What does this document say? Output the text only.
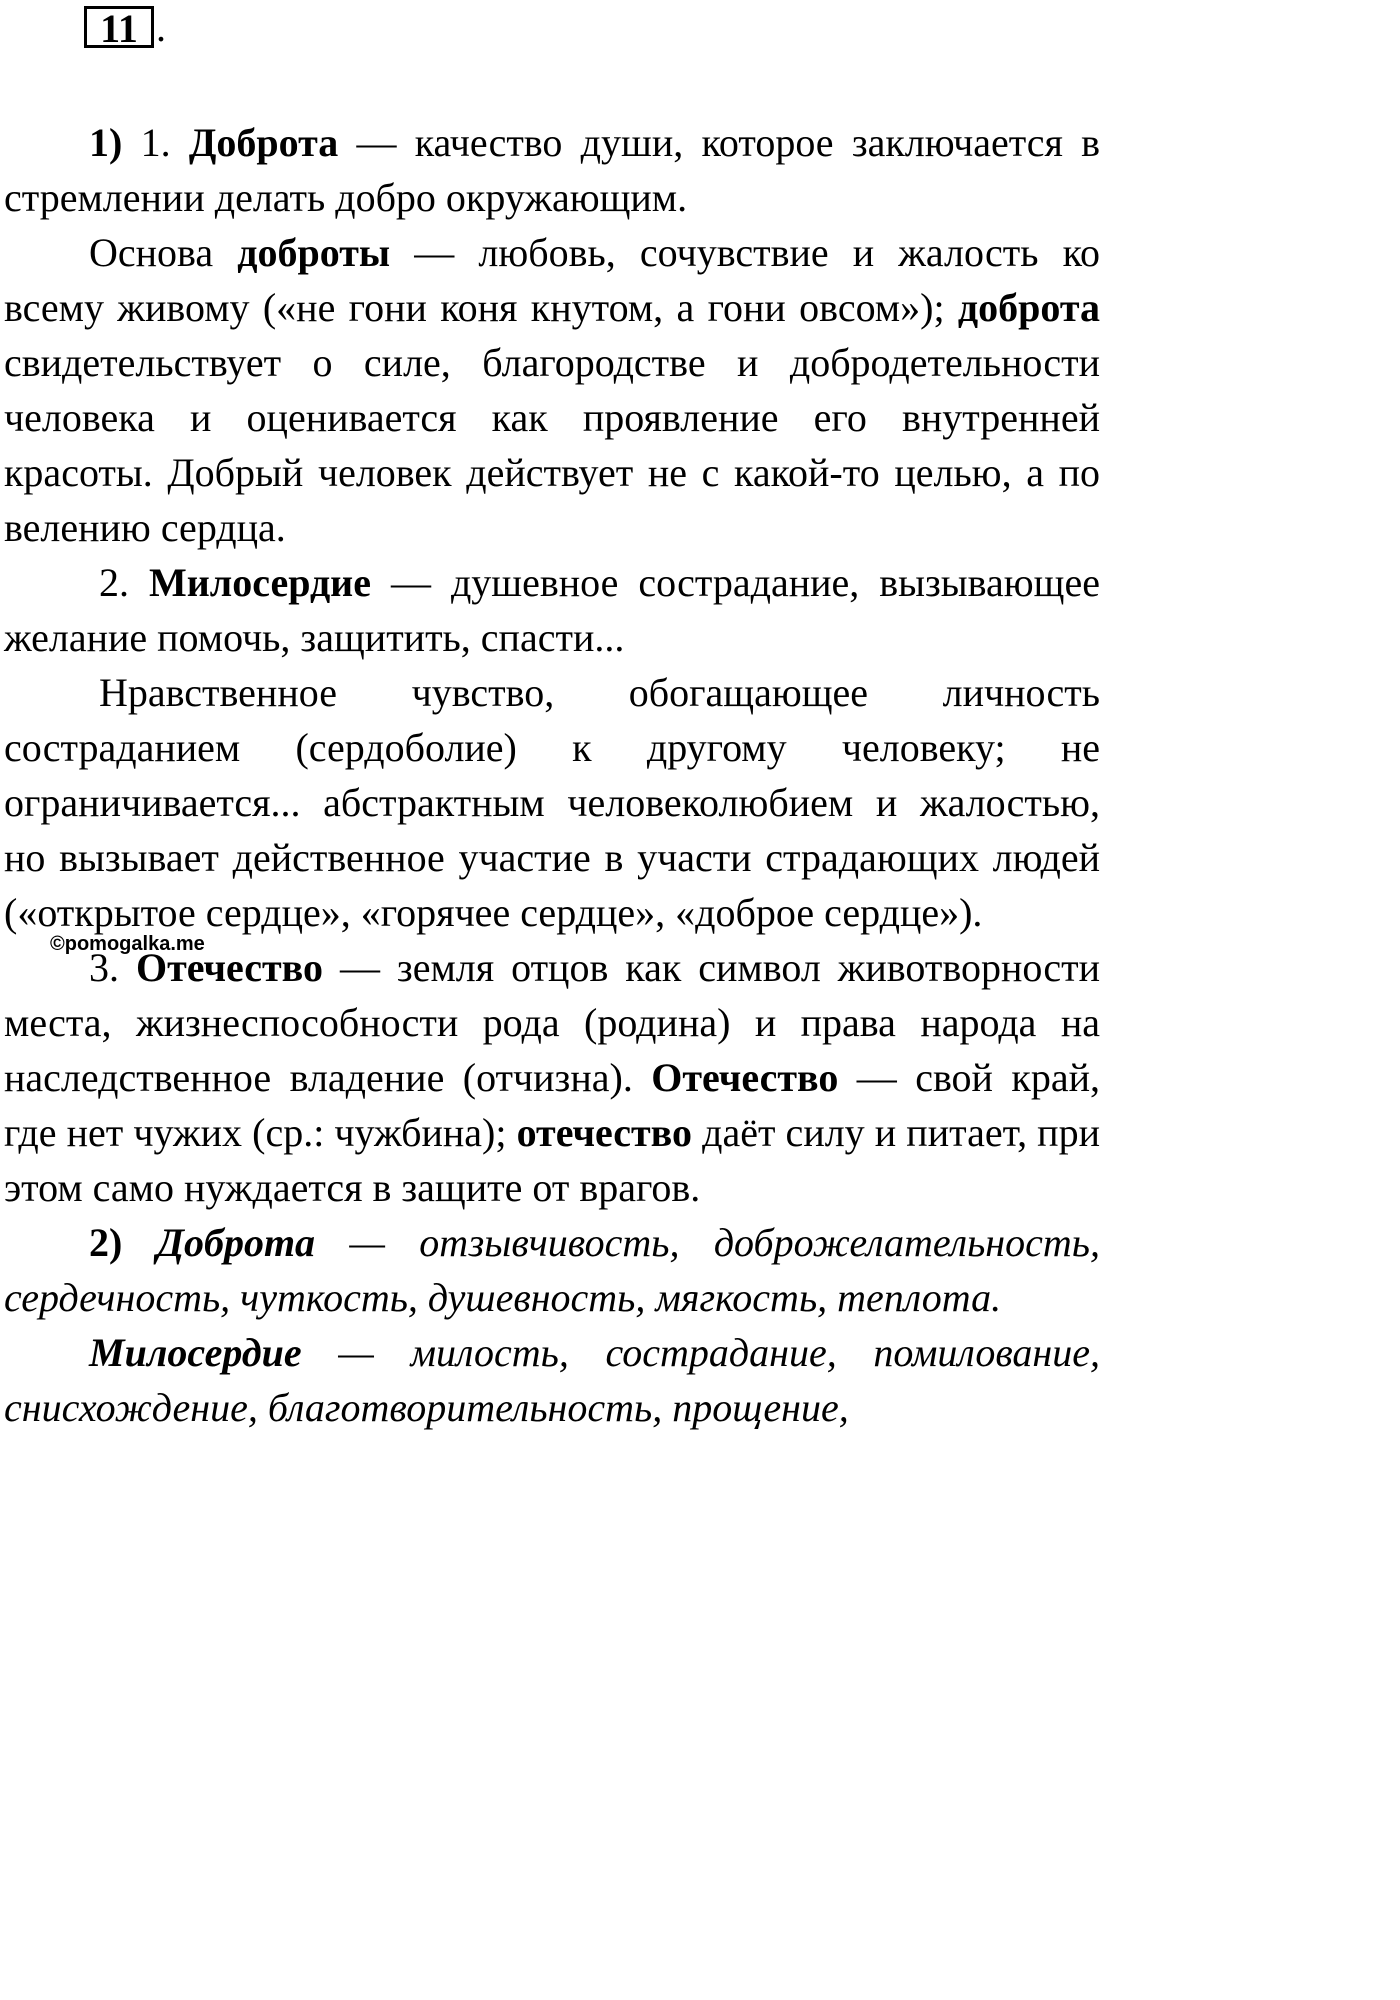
11 .

1) 1. Доброта — качество души, которое заключается в стремлении делать добро окружающим.

Основа доброты — любовь, сочувствие и жалость ко всему живому («не гони коня кнутом, а гони овсом»); доброта свидетельствует о силе, благородстве и добродетельности человека и оценивается как проявление его внутренней красоты. Добрый человек действует не с какой-то целью, а по велению сердца.

2. Милосердие — душевное сострадание, вызывающее желание помочь, защитить, спасти...

Нравственное чувство, обогащающее личность состраданием (сердоболие) к другому человеку; не ограничивается... абстрактным человеколюбием и жалостью, но вызывает действенное участие в участи страдающих людей («открытое сердце», «горячее сердце», «доброе сердце»).

3. Отечество — земля отцов как символ животворности места, жизнеспособности рода (родина) и права народа на наследственное владение (отчизна). Отечество — свой край, где нет чужих (ср.: чужбина); отечество даёт силу и питает, при этом само нуждается в защите от врагов.

2) Доброта — отзывчивость, доброжелательность, сердечность, чуткость, душевность, мягкость, теплота.

Милосердие — милость, сострадание, помилование, снисхождение, благотворительность, прощение,

©pomogalka.me
